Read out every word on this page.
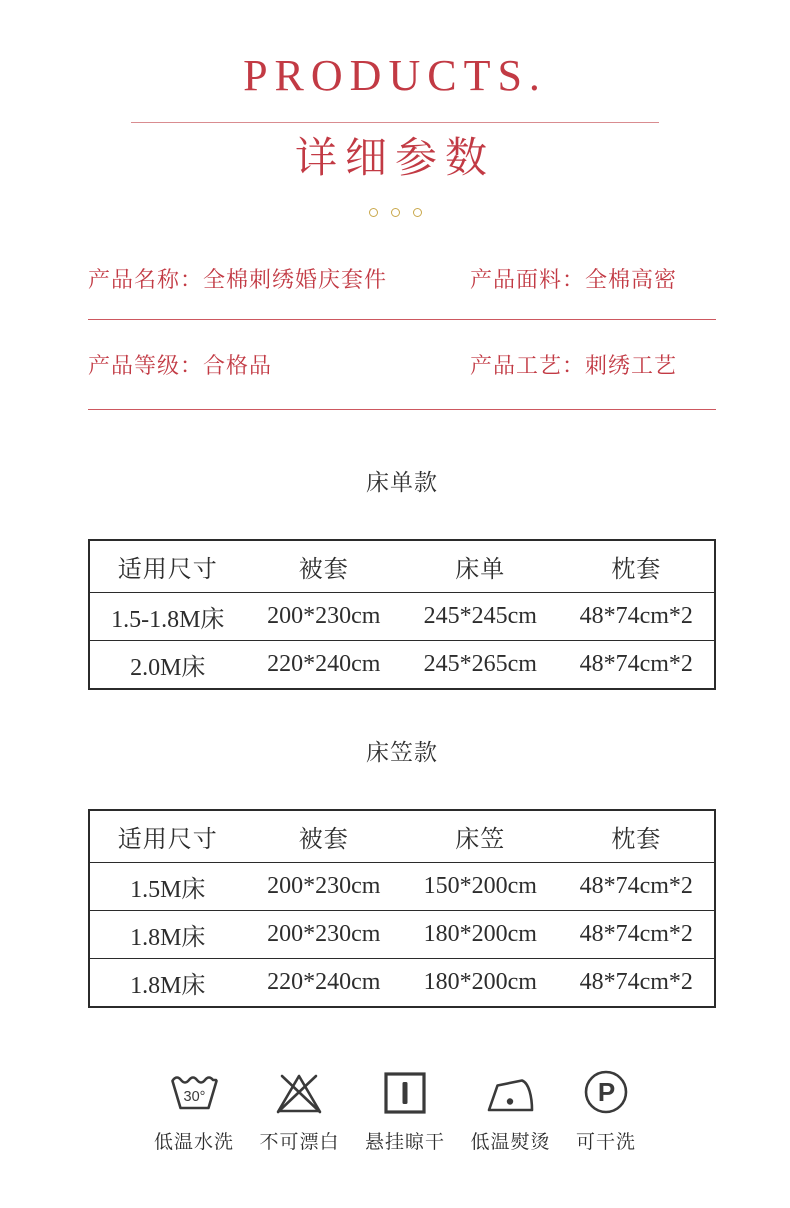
PRODUCTS.
详细参数
产品名称：全棉刺绣婚庆套件	产品面料：全棉高密
产品等级：合格品	产品工艺：刺绣工艺
床单款
适用尺寸	被套	床单	枕套
1.5-1.8M床	200*230cm	245*245cm	48*74cm*2
2.0M床	220*240cm	245*265cm	48*74cm*2
床笠款
适用尺寸	被套	床笠	枕套
1.5M床	200*230cm	150*200cm	48*74cm*2
1.8M床	200*230cm	180*200cm	48*74cm*2
1.8M床	220*240cm	180*200cm	48*74cm*2
30°
低温水洗 不可漂白 悬挂晾干 低温熨烫
P
可干洗
